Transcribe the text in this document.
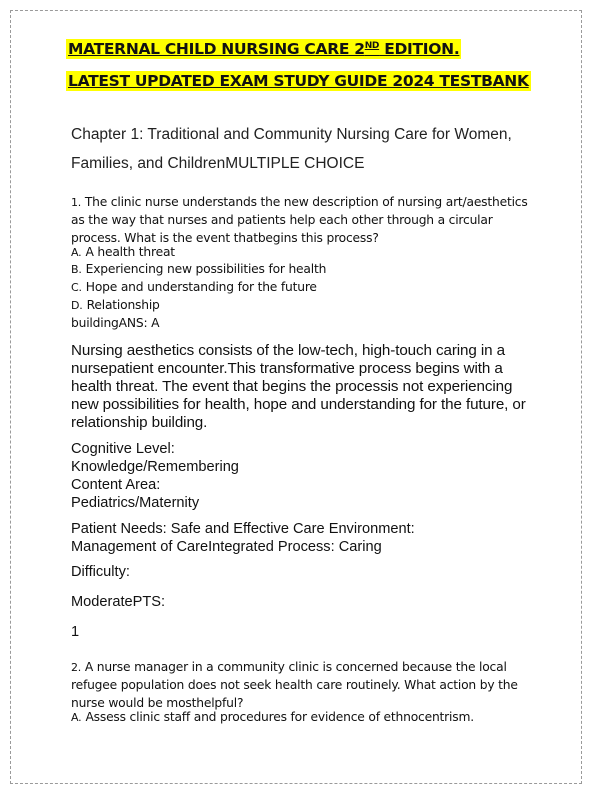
MATERNAL CHILD NURSING CARE 2ND EDITION.
LATEST UPDATED EXAM STUDY GUIDE 2024 TESTBANK
Chapter 1: Traditional and Community Nursing Care for Women,
Families, and ChildrenMULTIPLE CHOICE
1. The clinic nurse understands the new description of nursing art/aesthetics
as the way that nurses and patients help each other through a circular
process. What is the event thatbegins this process?
A. A health threat
B. Experiencing new possibilities for health
C. Hope and understanding for the future
D. Relationship
buildingANS: A
Nursing aesthetics consists of the low-tech, high-touch caring in a
nursepatient encounter.This transformative process begins with a
health threat. The event that begins the processis not experiencing
new possibilities for health, hope and understanding for the future, or
relationship building.
Cognitive Level:
Knowledge/Remembering
Content Area:
Pediatrics/Maternity
Patient Needs: Safe and Effective Care Environment:
Management of CareIntegrated Process: Caring
Difficulty:
ModeratePTS:
1
2. A nurse manager in a community clinic is concerned because the local
refugee population does not seek health care routinely. What action by the
nurse would be mosthelpful?
A. Assess clinic staff and procedures for evidence of ethnocentrism.
